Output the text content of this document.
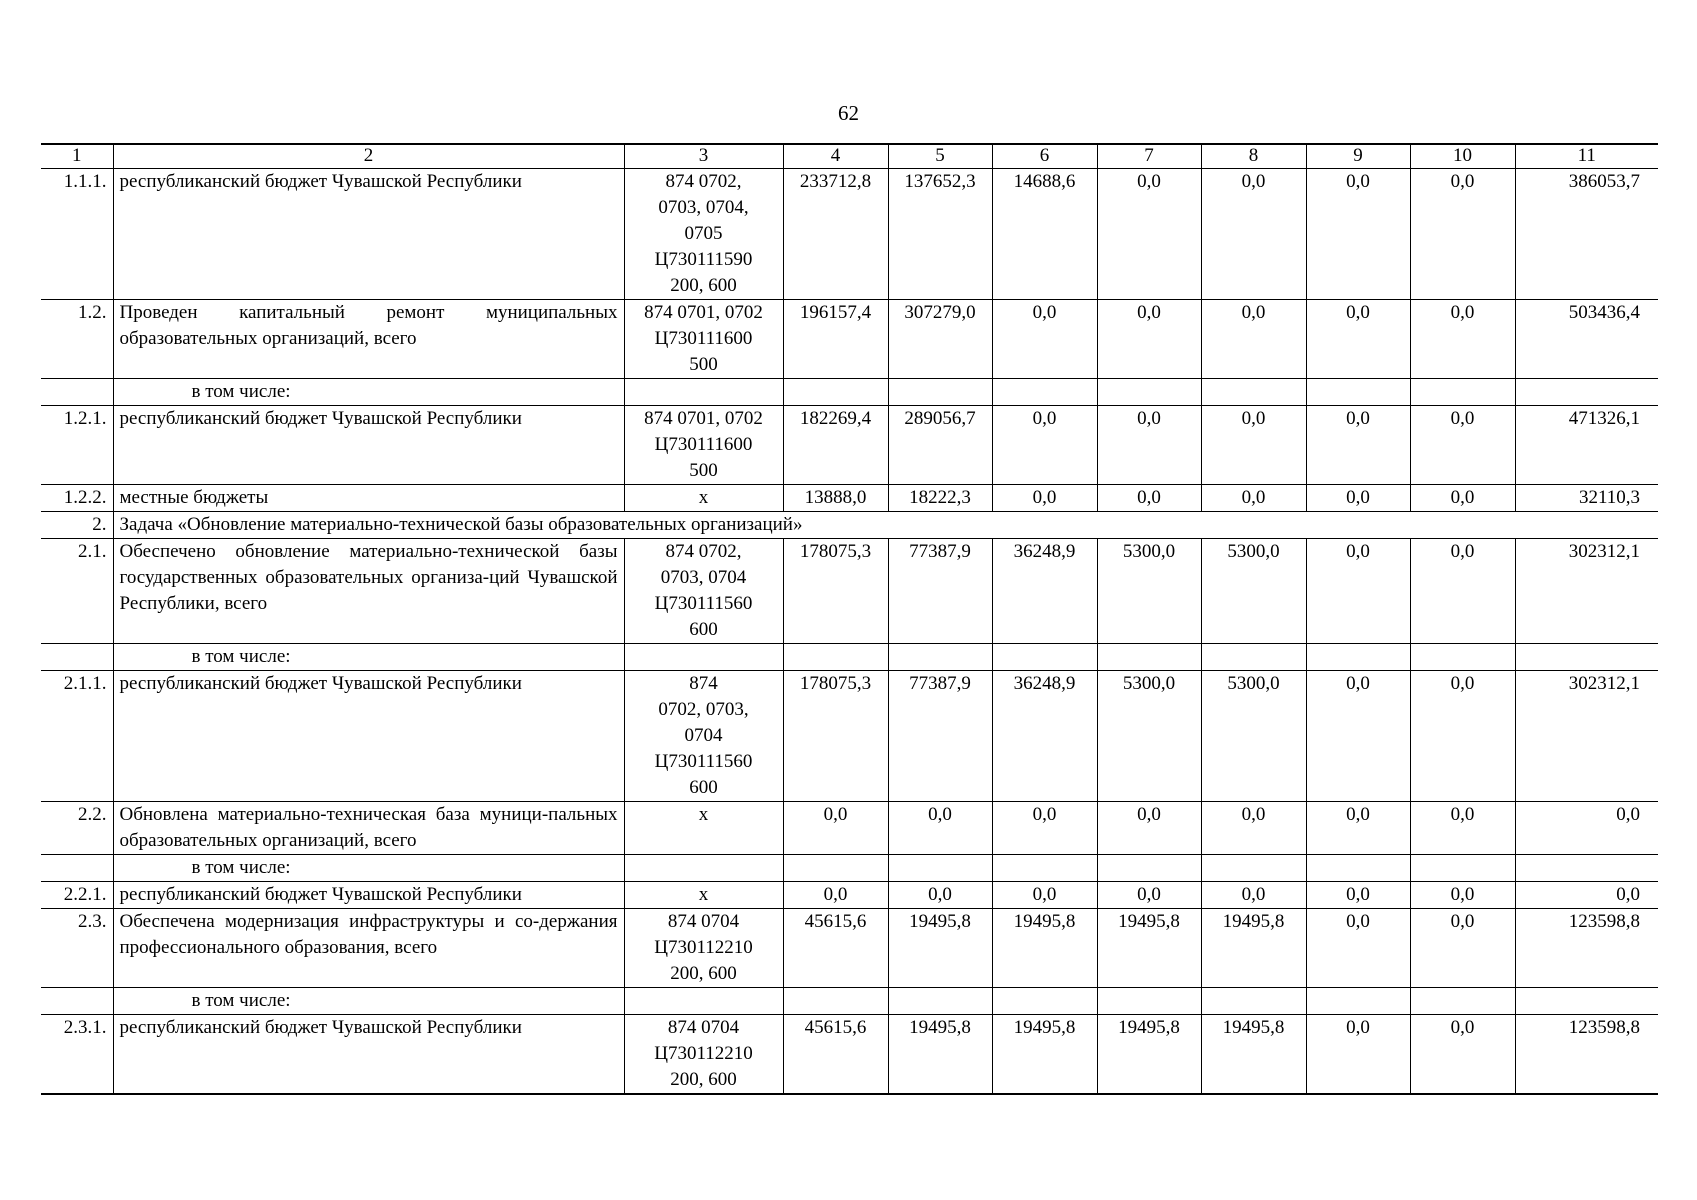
62
1	2	3	4	5	6	7	8	9	10	11
1.1.1.	республиканский бюджет Чувашской Республики	874 0702,
0703, 0704,
0705
Ц730111590
200, 600	233712,8	137652,3	14688,6	0,0	0,0	0,0	0,0	386053,7
1.2.	Проведен капитальный ремонт муниципальных образовательных организаций, всего	874 0701, 0702
Ц730111600
500	196157,4	307279,0	0,0	0,0	0,0	0,0	0,0	503436,4
	в том числе:									
1.2.1.	республиканский бюджет Чувашской Республики	874 0701, 0702
Ц730111600
500	182269,4	289056,7	0,0	0,0	0,0	0,0	0,0	471326,1
1.2.2.	местные бюджеты	x	13888,0	18222,3	0,0	0,0	0,0	0,0	0,0	32110,3
2.	Задача «Обновление материально-технической базы образовательных организаций»									
2.1.	Обеспечено обновление материально-технической базы государственных образовательных организа-ций Чувашской Республики, всего	874 0702,
0703, 0704
Ц730111560
600	178075,3	77387,9	36248,9	5300,0	5300,0	0,0	0,0	302312,1
	в том числе:									
2.1.1.	республиканский бюджет Чувашской Республики	874
0702, 0703,
0704
Ц730111560
600	178075,3	77387,9	36248,9	5300,0	5300,0	0,0	0,0	302312,1
2.2.	Обновлена материально-техническая база муници-пальных образовательных организаций, всего	x	0,0	0,0	0,0	0,0	0,0	0,0	0,0	0,0
	в том числе:									
2.2.1.	республиканский бюджет Чувашской Республики	x	0,0	0,0	0,0	0,0	0,0	0,0	0,0	0,0
2.3.	Обеспечена модернизация инфраструктуры и со-держания профессионального образования, всего	874 0704
Ц730112210
200, 600	45615,6	19495,8	19495,8	19495,8	19495,8	0,0	0,0	123598,8
	в том числе:									
2.3.1.	республиканский бюджет Чувашской Республики	874 0704
Ц730112210
200, 600	45615,6	19495,8	19495,8	19495,8	19495,8	0,0	0,0	123598,8
